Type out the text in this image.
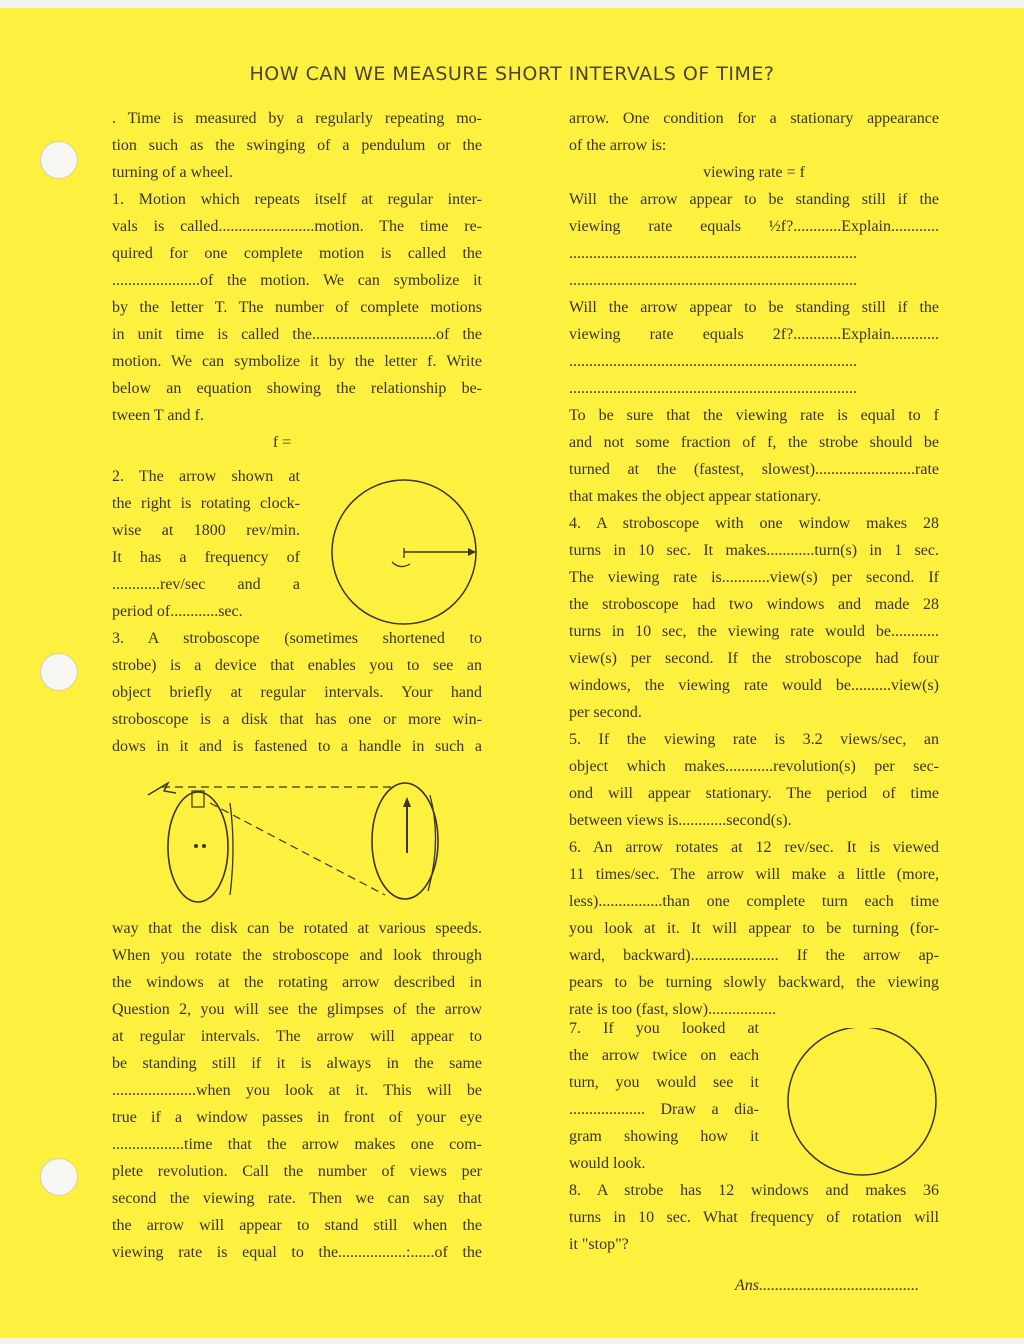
HOW CAN WE MEASURE SHORT INTERVALS OF TIME?

. Time is measured by a regularly repeating mo-

tion such as the swinging of a pendulum or the

turning of a wheel.

1. Motion which repeats itself at regular inter-

vals is called........................motion. The time re-

quired for one complete motion is called the

......................of the motion. We can symbolize it

by the letter T. The number of complete motions

in unit time is called the...............................of the

motion. We can symbolize it by the letter f. Write

below an equation showing the relationship be-

tween T and f.

f =

2. The arrow shown at

the right is rotating clock-

wise at 1800 rev/min.

It has a frequency of

............rev/sec and a

period of............sec.

3. A stroboscope (sometimes shortened to

strobe) is a device that enables you to see an

object briefly at regular intervals. Your hand

stroboscope is a disk that has one or more win-

dows in it and is fastened to a handle in such a

way that the disk can be rotated at various speeds.

When you rotate the stroboscope and look through

the windows at the rotating arrow described in

Question 2, you will see the glimpses of the arrow

at regular intervals. The arrow will appear to

be standing still if it is always in the same

.....................when you look at it. This will be

true if a window passes in front of your eye

..................time that the arrow makes one com-

plete revolution. Call the number of views per

second the viewing rate. Then we can say that

the arrow will appear to stand still when the

viewing rate is equal to the.................:......of the

arrow. One condition for a stationary appearance

of the arrow is:

viewing rate = f

Will the arrow appear to be standing still if the

viewing rate equals ½f?............Explain............

........................................................................

........................................................................

Will the arrow appear to be standing still if the

viewing rate equals 2f?............Explain............

........................................................................

........................................................................

To be sure that the viewing rate is equal to f

and not some fraction of f, the strobe should be

turned at the (fastest, slowest).........................rate

that makes the object appear stationary.

4. A stroboscope with one window makes 28

turns in 10 sec. It makes............turn(s) in 1 sec.

The viewing rate is............view(s) per second. If

the stroboscope had two windows and made 28

turns in 10 sec, the viewing rate would be............

view(s) per second. If the stroboscope had four

windows, the viewing rate would be..........view(s)

per second.

5. If the viewing rate is 3.2 views/sec, an

object which makes............revolution(s) per sec-

ond will appear stationary. The period of time

between views is............second(s).

6. An arrow rotates at 12 rev/sec. It is viewed

11 times/sec. The arrow will make a little (more,

less)................than one complete turn each time

you look at it. It will appear to be turning (for-

ward, backward)...................... If the arrow ap-

pears to be turning slowly backward, the viewing

rate is too (fast, slow).................

7. If you looked at

the arrow twice on each

turn, you would see it

................... Draw a dia-

gram showing how it

would look.

8. A strobe has 12 windows and makes 36

turns in 10 sec. What frequency of rotation will

it "stop"?

Ans........................................
